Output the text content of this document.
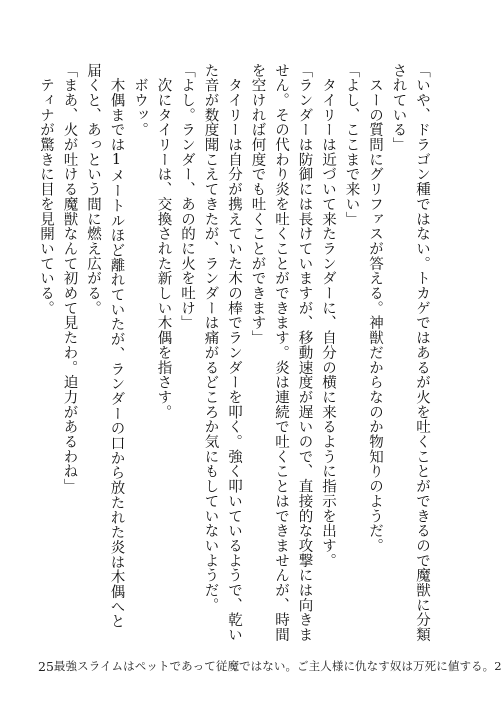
「いや、ドラゴン種ではない。トカゲではあるが火を吐くことができるので魔獣に分類されている」

　スーの質問にグリファスが答える。神獣だからなのか物知りのようだ。

「よし、ここまで来い」

　タイリーは近づいて来たランダーに、自分の横に来るように指示を出す。

「ランダーは防御には長けていますが、移動速度が遅いので、直接的な攻撃には向きません。その代わり炎を吐くことができます。炎は連続で吐くことはできませんが、時間を空ければ何度でも吐くことができます」

　タイリーは自分が携えていた木の棒でランダーを叩く。強く叩いているようで、乾いた音が数度聞こえてきたが、ランダーは痛がるどころか気にもしていないようだ。

「よし。ランダー、あの的に火を吐け」

　次にタイリーは、交換された新しい木偶を指さす。

　ボウッ。

　木偶までは1メートルほど離れていたが、ランダーの口から放たれた炎は木偶へと届くと、あっという間に燃え広がる。

「まあ、火が吐ける魔獣なんて初めて見たわ。迫力があるわね」

　ティナが驚きに目を見開いている。

25 最強スライムはペットであって従魔ではない。ご主人様に仇なす奴は万死に値する。2
